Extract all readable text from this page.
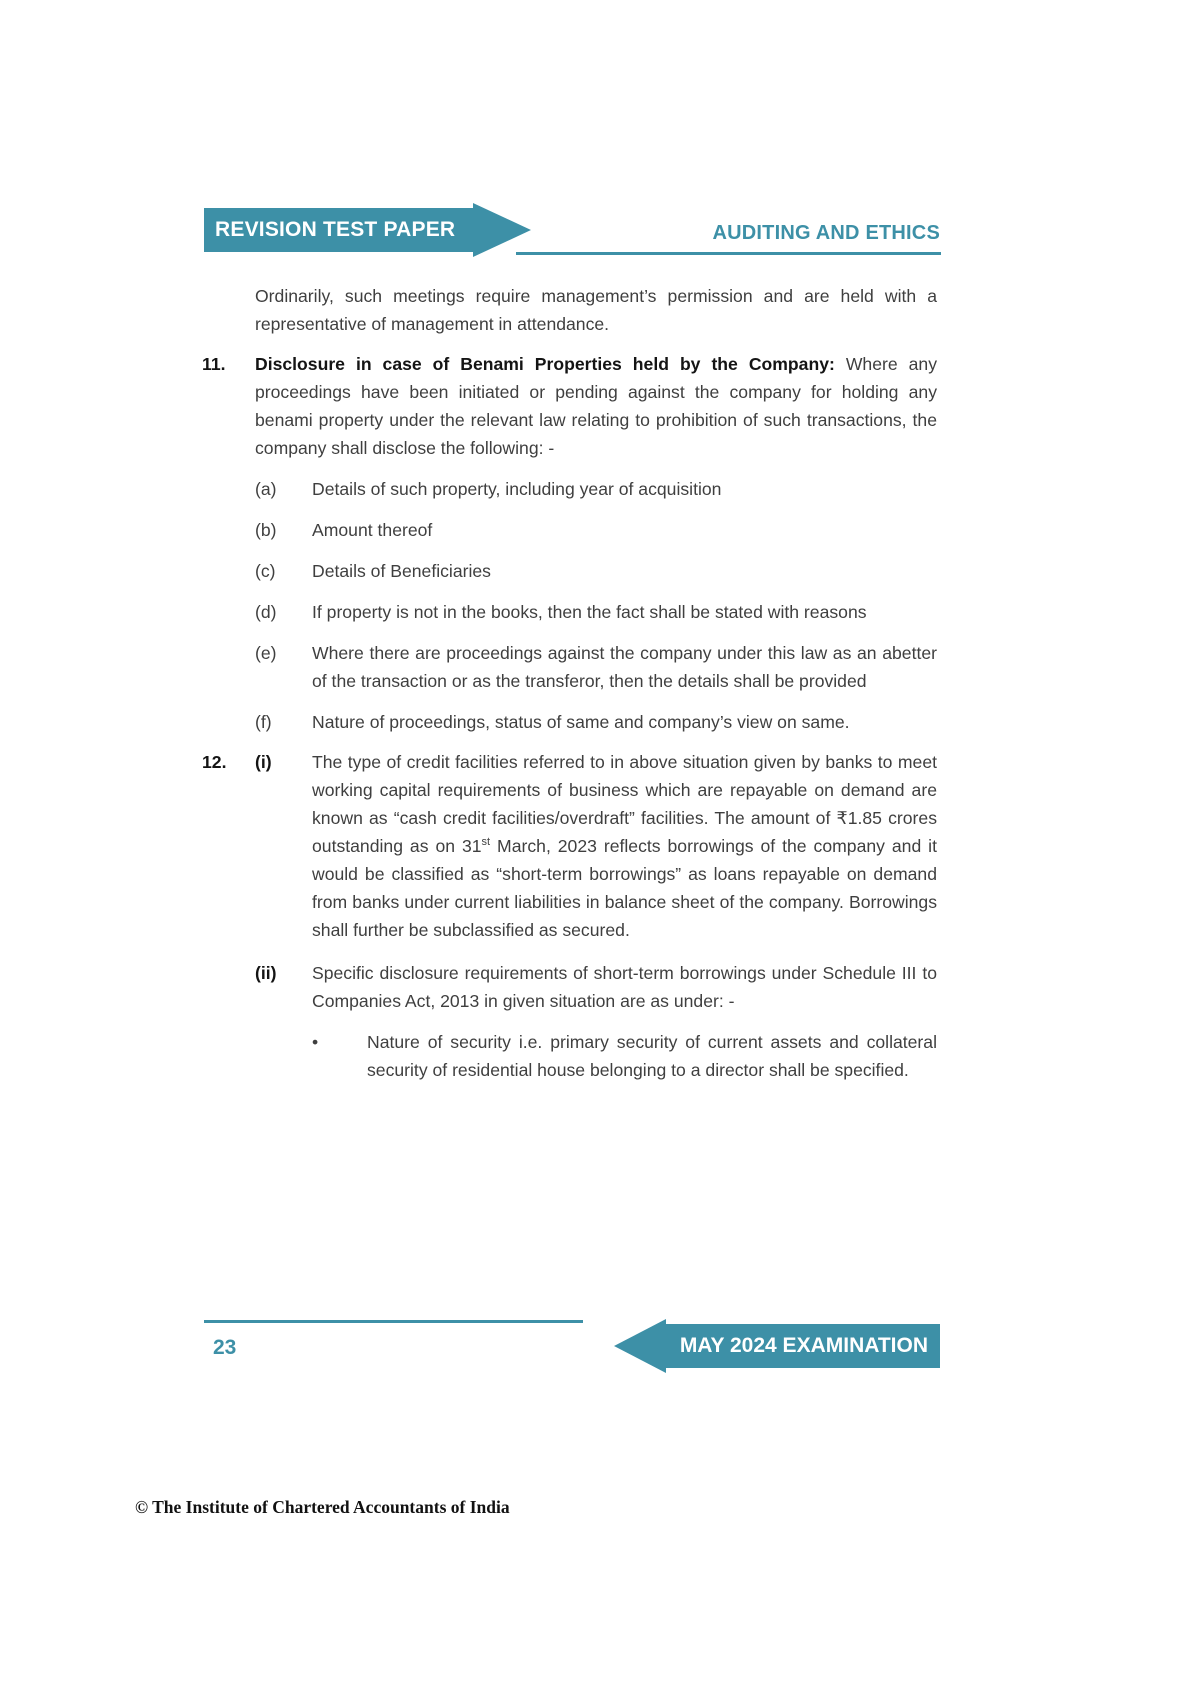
REVISION TEST PAPER	AUDITING AND ETHICS

Ordinarily, such meetings require management’s permission and are held with a representative of management in attendance.

11.	Disclosure in case of Benami Properties held by the Company: Where any proceedings have been initiated or pending against the company for holding any benami property under the relevant law relating to prohibition of such transactions, the company shall disclose the following: -
(a)	Details of such property, including year of acquisition
(b)	Amount thereof
(c)	Details of Beneficiaries
(d)	If property is not in the books, then the fact shall be stated with reasons
(e)	Where there are proceedings against the company under this law as an abetter of the transaction or as the transferor, then the details shall be provided
(f)	Nature of proceedings, status of same and company’s view on same.
12.	(i)	The type of credit facilities referred to in above situation given by banks to meet working capital requirements of business which are repayable on demand are known as “cash credit facilities/overdraft” facilities. The amount of ₹1.85 crores outstanding as on 31st March, 2023 reflects borrowings of the company and it would be classified as “short-term borrowings” as loans repayable on demand from banks under current liabilities in balance sheet of the company. Borrowings shall further be subclassified as secured.
(ii)	Specific disclosure requirements of short-term borrowings under Schedule III to Companies Act, 2013 in given situation are as under: -
•	Nature of security i.e. primary security of current assets and collateral security of residential house belonging to a director shall be specified.
23	MAY 2024 EXAMINATION
© The Institute of Chartered Accountants of India
